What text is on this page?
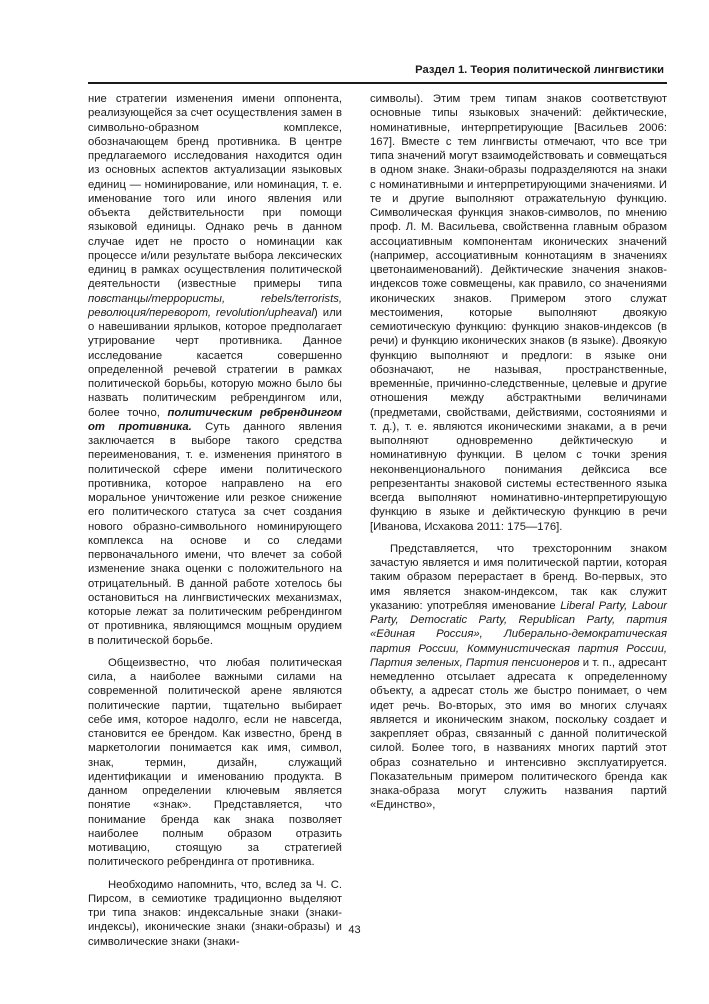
Раздел 1. Теория политической лингвистики

ние стратегии изменения имени оппонента, реализующейся за счет осуществления замен в символьно-образном комплексе, обозначающем бренд противника. В центре предлагаемого исследования находится один из основных аспектов актуализации языковых единиц — номинирование, или номинация, т. е. именование того или иного явления или объекта действительности при помощи языковой единицы. Однако речь в данном случае идет не просто о номинации как процессе и/или результате выбора лексических единиц в рамках осуществления политической деятельности (известные примеры типа повстанцы/террористы, rebels/terrorists, революция/переворот, revolution/upheaval) или о навешивании ярлыков, которое предполагает утрирование черт противника. Данное исследование касается совершенно определенной речевой стратегии в рамках политической борьбы, которую можно было бы назвать политическим ребрендингом или, более точно, политическим ребрендингом от противника. Суть данного явления заключается в выборе такого средства переименования, т. е. изменения принятого в политической сфере имени политического противника, которое направлено на его моральное уничтожение или резкое снижение его политического статуса за счет создания нового образно-символьного номинирующего комплекса на основе и со следами первоначального имени, что влечет за собой изменение знака оценки с положительного на отрицательный. В данной работе хотелось бы остановиться на лингвистических механизмах, которые лежат за политическим ребрендингом от противника, являющимся мощным орудием в политической борьбе.

Общеизвестно, что любая политическая сила, а наиболее важными силами на современной политической арене являются политические партии, тщательно выбирает себе имя, которое надолго, если не навсегда, становится ее брендом. Как известно, бренд в маркетологии понимается как имя, символ, знак, термин, дизайн, служащий идентификации и именованию продукта. В данном определении ключевым является понятие «знак». Представляется, что понимание бренда как знака позволяет наиболее полным образом отразить мотивацию, стоящую за стратегией политического ребрендинга от противника.

Необходимо напомнить, что, вслед за Ч. С. Пирсом, в семиотике традиционно выделяют три типа знаков: индексальные знаки (знаки-индексы), иконические знаки (знаки-образы) и символические знаки (знаки-

символы). Этим трем типам знаков соответствуют основные типы языковых значений: дейктические, номинативные, интерпретирующие [Васильев 2006: 167]. Вместе с тем лингвисты отмечают, что все три типа значений могут взаимодействовать и совмещаться в одном знаке. Знаки-образы подразделяются на знаки с номинативными и интерпретирующими значениями. И те и другие выполняют отражательную функцию. Символическая функция знаков-символов, по мнению проф. Л. М. Васильева, свойственна главным образом ассоциативным компонентам иконических значений (например, ассоциативным коннотациям в значениях цветонаименований). Дейктические значения знаков-индексов тоже совмещены, как правило, со значениями иконических знаков. Примером этого служат местоимения, которые выполняют двоякую семиотическую функцию: функцию знаков-индексов (в речи) и функцию иконических знаков (в языке). Двоякую функцию выполняют и предлоги: в языке они обозначают, не называя, пространственные, временны́е, причинно-следственные, целевые и другие отношения между абстрактными величинами (предметами, свойствами, действиями, состояниями и т. д.), т. е. являются иконическими знаками, а в речи выполняют одновременно дейктическую и номинативную функции. В целом с точки зрения неконвенционального понимания дейксиса все репрезентанты знаковой системы естественного языка всегда выполняют номинативно-интерпретирующую функцию в языке и дейктическую функцию в речи [Иванова, Исхакова 2011: 175—176].

Представляется, что трехсторонним знаком зачастую является и имя политической партии, которая таким образом перерастает в бренд. Во-первых, это имя является знаком-индексом, так как служит указанию: употребляя именование Liberal Party, Labour Party, Democratic Party, Republican Party, партия «Единая Россия», Либерально-демократическая партия России, Коммунистическая партия России, Партия зеленых, Партия пенсионеров и т. п., адресант немедленно отсылает адресата к определенному объекту, а адресат столь же быстро понимает, о чем идет речь. Во-вторых, это имя во многих случаях является и иконическим знаком, поскольку создает и закрепляет образ, связанный с данной политической силой. Более того, в названиях многих партий этот образ сознательно и интенсивно эксплуатируется. Показательным примером политического бренда как знака-образа могут служить названия партий «Единство»,

43
